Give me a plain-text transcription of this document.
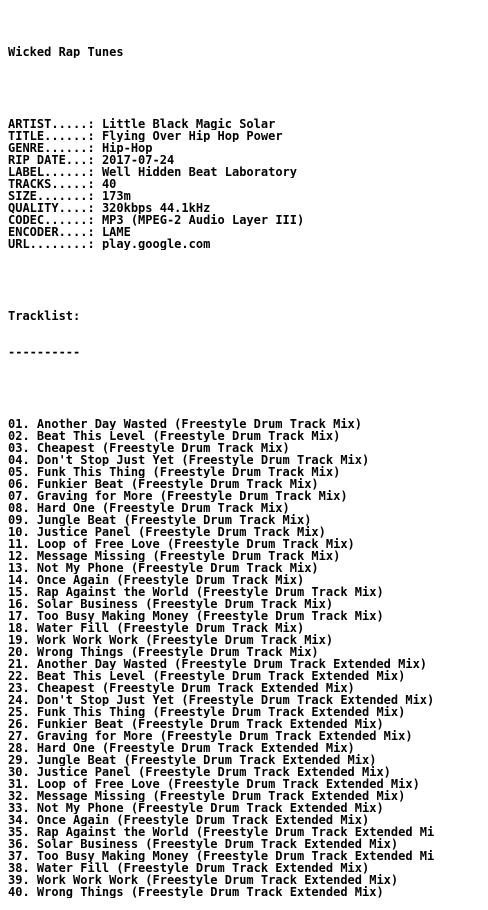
Wicked Rap Tunes

ARTIST.....: Little Black Magic Solar
TITLE......: Flying Over Hip Hop Power
GENRE......: Hip-Hop
RIP DATE...: 2017-07-24
LABEL......: Well Hidden Beat Laboratory
TRACKS.....: 40
SIZE.......: 173m
QUALITY....: 320kbps 44.1kHz
CODEC......: MP3 (MPEG-2 Audio Layer III)
ENCODER....: LAME
URL........: play.google.com

Tracklist:

----------

01. Another Day Wasted (Freestyle Drum Track Mix)
02. Beat This Level (Freestyle Drum Track Mix)
03. Cheapest (Freestyle Drum Track Mix)
04. Don't Stop Just Yet (Freestyle Drum Track Mix)
05. Funk This Thing (Freestyle Drum Track Mix)
06. Funkier Beat (Freestyle Drum Track Mix)
07. Graving for More (Freestyle Drum Track Mix)
08. Hard One (Freestyle Drum Track Mix)
09. Jungle Beat (Freestyle Drum Track Mix)
10. Justice Panel (Freestyle Drum Track Mix)
11. Loop of Free Love (Freestyle Drum Track Mix)
12. Message Missing (Freestyle Drum Track Mix)
13. Not My Phone (Freestyle Drum Track Mix)
14. Once Again (Freestyle Drum Track Mix)
15. Rap Against the World (Freestyle Drum Track Mix)
16. Solar Business (Freestyle Drum Track Mix)
17. Too Busy Making Money (Freestyle Drum Track Mix)
18. Water Fill (Freestyle Drum Track Mix)
19. Work Work Work (Freestyle Drum Track Mix)
20. Wrong Things (Freestyle Drum Track Mix)
21. Another Day Wasted (Freestyle Drum Track Extended Mix)
22. Beat This Level (Freestyle Drum Track Extended Mix)
23. Cheapest (Freestyle Drum Track Extended Mix)
24. Don't Stop Just Yet (Freestyle Drum Track Extended Mix)
25. Funk This Thing (Freestyle Drum Track Extended Mix)
26. Funkier Beat (Freestyle Drum Track Extended Mix)
27. Graving for More (Freestyle Drum Track Extended Mix)
28. Hard One (Freestyle Drum Track Extended Mix)
29. Jungle Beat (Freestyle Drum Track Extended Mix)
30. Justice Panel (Freestyle Drum Track Extended Mix)
31. Loop of Free Love (Freestyle Drum Track Extended Mix)
32. Message Missing (Freestyle Drum Track Extended Mix)
33. Not My Phone (Freestyle Drum Track Extended Mix)
34. Once Again (Freestyle Drum Track Extended Mix)
35. Rap Against the World (Freestyle Drum Track Extended Mi
36. Solar Business (Freestyle Drum Track Extended Mix)
37. Too Busy Making Money (Freestyle Drum Track Extended Mi
38. Water Fill (Freestyle Drum Track Extended Mix)
39. Work Work Work (Freestyle Drum Track Extended Mix)
40. Wrong Things (Freestyle Drum Track Extended Mix)
